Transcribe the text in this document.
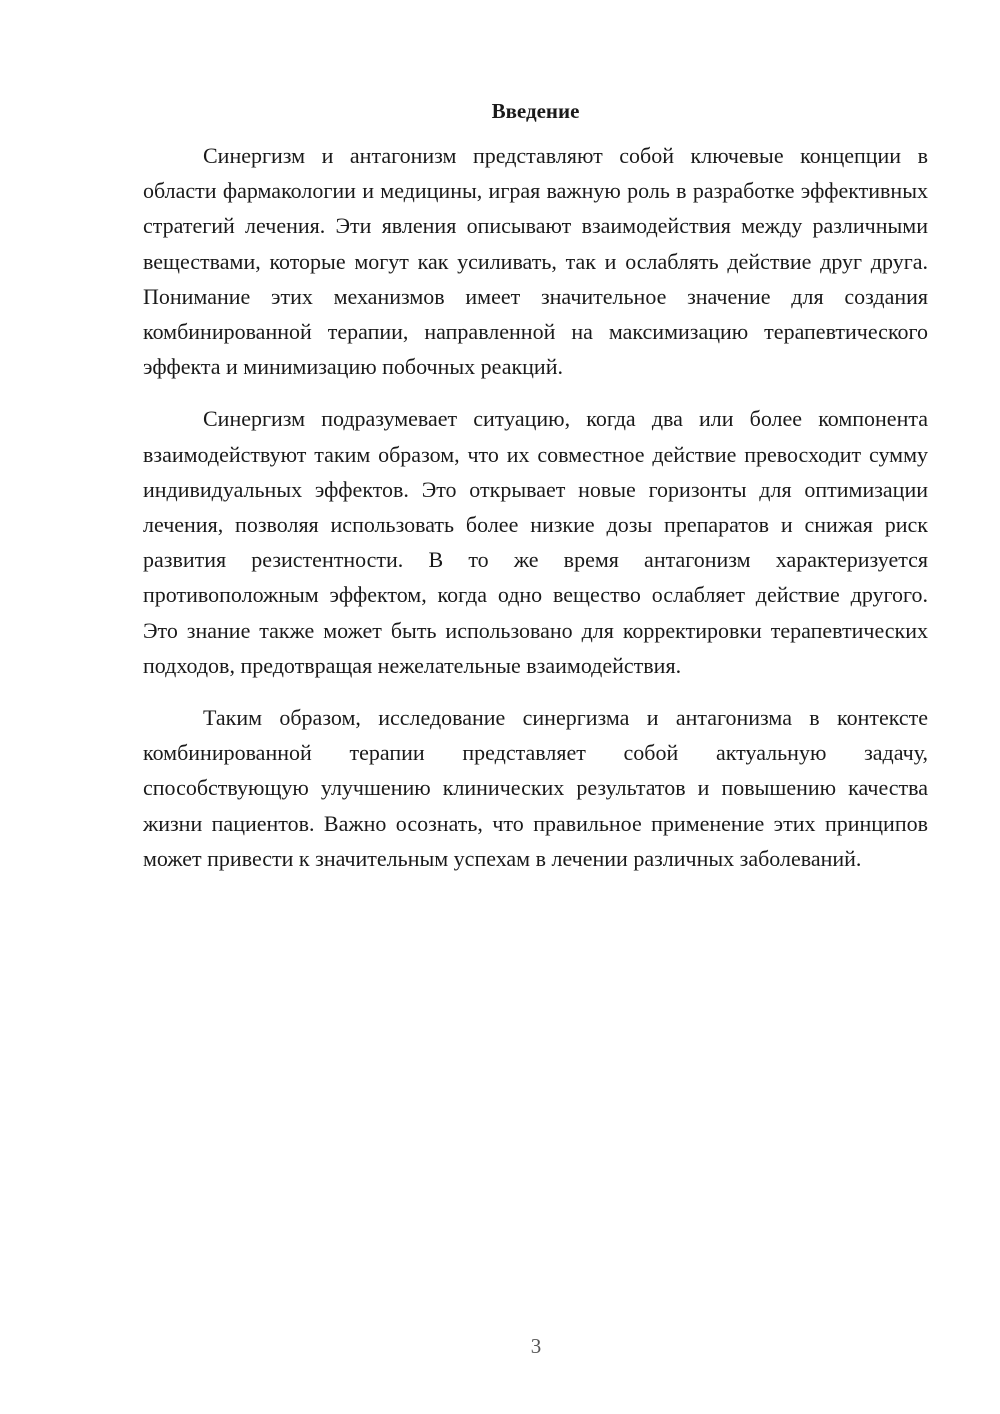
Введение

Синергизм и антагонизм представляют собой ключевые концепции в области фармакологии и медицины, играя важную роль в разработке эффективных стратегий лечения. Эти явления описывают взаимодействия между различными веществами, которые могут как усиливать, так и ослаблять действие друг друга. Понимание этих механизмов имеет значительное значение для создания комбинированной терапии, направленной на максимизацию терапевтического эффекта и минимизацию побочных реакций.

Синергизм подразумевает ситуацию, когда два или более компонента взаимодействуют таким образом, что их совместное действие превосходит сумму индивидуальных эффектов. Это открывает новые горизонты для оптимизации лечения, позволяя использовать более низкие дозы препаратов и снижая риск развития резистентности. В то же время антагонизм характеризуется противоположным эффектом, когда одно вещество ослабляет действие другого. Это знание также может быть использовано для корректировки терапевтических подходов, предотвращая нежелательные взаимодействия.

Таким образом, исследование синергизма и антагонизма в контексте комбинированной терапии представляет собой актуальную задачу, способствующую улучшению клинических результатов и повышению качества жизни пациентов. Важно осознать, что правильное применение этих принципов может привести к значительным успехам в лечении различных заболеваний.

3
